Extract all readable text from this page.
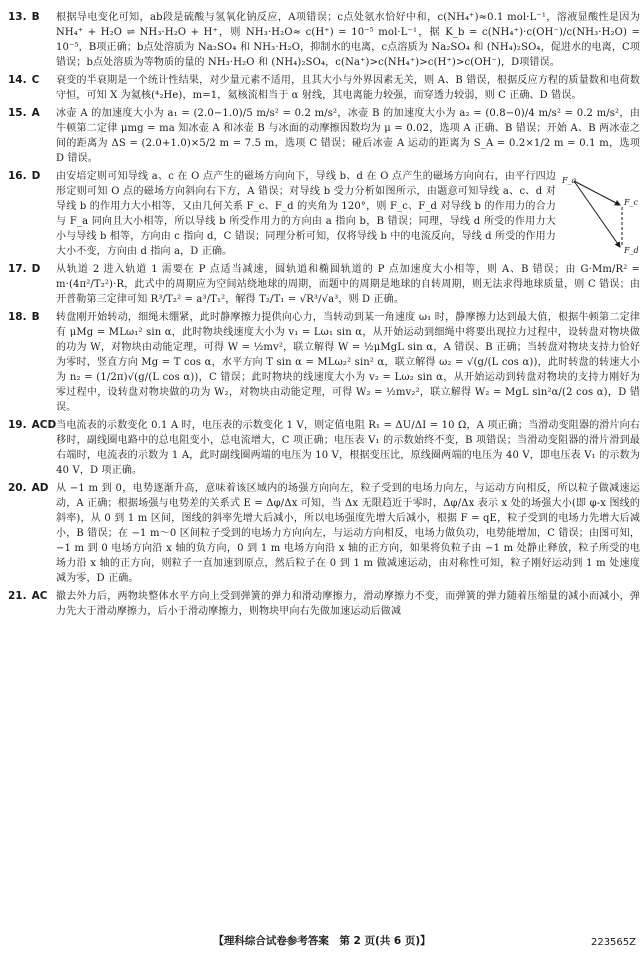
13. B	根据导电变化可知，ab段是硫酸与氢氧化钠反应，A项错误；c点处氨水恰好中和，c(NH₄⁺)≈0.1 mol·L⁻¹，溶液显酸性是因为 NH₄⁺ + H₂O ⇌ NH₃·H₂O + H⁺，则 NH₃·H₂O≈ c(H⁺) = 10⁻⁵ mol·L⁻¹，据 K_b = c(NH₄⁺)·c(OH⁻)/c(NH₃·H₂O) = 10⁻⁵，B项正确；b点处溶质为 Na₂SO₄ 和 NH₃·H₂O，抑制水的电离，c点溶质为 Na₂SO₄ 和 (NH₄)₂SO₄，促进水的电离，C项错误；b点处溶质为等物质的量的 NH₃·H₂O 和 (NH₄)₂SO₄，c(Na⁺)>c(NH₄⁺)>c(H⁺)>c(OH⁻)，D项错误。

14. C	衰变的半衰期是一个统计性结果，对少量元素不适用，且其大小与外界因素无关，则 A、B 错误，根据反应方程的质量数和电荷数守恒，可知 X 为氦核(⁴₂He)，m=1，氦核流相当于 α 射线，其电离能力较强，而穿透力较弱，则 C 正确、D 错误。

15. A	冰壶 A 的加速度大小为 a₁ = (2.0−1.0)/5 m/s² = 0.2 m/s²，冰壶 B 的加速度大小为 a₂ = (0.8−0)/4 m/s² = 0.2 m/s²，由牛顿第二定律 μmg = ma 知冰壶 A 和冰壶 B 与冰面的动摩擦因数均为 μ = 0.02，选项 A 正确、B 错误；开始 A、B 两冰壶之间的距离为 ΔS = (2.0+1.0)×5/2 m = 7.5 m，选项 C 错误；碰后冰壶 A 运动的距离为 S_A = 0.2×1/2 m = 0.1 m，选项 D 错误。

16. D	由安培定则可知导线 a、c 在 O 点产生的磁场方向向下，导线 b、d 在 O 点产生的磁场方向向右，由平行四边形定则可知 O 点的磁场方向斜向右下方，A 错误；对导线 b 受力分析如图所示，由题意可知导线 a、c、d 对导线 b 的作用力大小相等，又由几何关系 F_c、F_d 的夹角为 120°，则 F_c、F_d 对导线 b 的作用力的合力与 F_a 同向且大小相等，所以导线 b 所受作用力的方向由 a 指向 b，B 错误；同理，导线 d 所受的作用力大小与导线 b 相等，方向由 c 指向 d，C 错误；同理分析可知，仅将导线 b 中的电流反向，导线 d 所受的作用力大小不变，方向由 d 指向 a，D 正确。

F_a
F_c
F_d
17. D	从轨道 2 进入轨道 1 需要在 P 点适当减速，圆轨道和椭圆轨道的 P 点加速度大小相等，则 A、B 错误；由 G·Mm/R² = m·(4π²/T₂²)·R，此式中的周期应为空间站绕地球的周期，而题中的周期是地球的自转周期，则无法求得地球质量，则 C 错误；由开普勒第三定律可知 R³/T₂² = a³/T₁²，解得 T₂/T₁ = √R³/√a³，则 D 正确。

18. B	转盘刚开始转动，细绳未绷紧，此时静摩擦力提供向心力，当转动到某一角速度 ω₁ 时，静摩擦力达到最大值，根据牛顿第二定律有 μMg = MLω₁² sin α，此时物块线速度大小为 v₁ = Lω₁ sin α，从开始运动到细绳中将要出现拉力过程中，设转盘对物块做的功为 W，对物块由动能定理，可得 W = ½mv²，联立解得 W = ½μMgL sin α，A 错误、B 正确；当转盘对物块支持力恰好为零时，竖直方向 Mg = T cos α，水平方向 T sin α = MLω₂² sin² α，联立解得 ω₂ = √(g/(L cos α))，此时转盘的转速大小为 n₂ = (1/2π)√(g/(L cos α))，C 错误；此时物块的线速度大小为 v₂ = Lω₂ sin α，从开始运动到转盘对物块的支持力刚好为零过程中，设转盘对物块做的功为 W₂，对物块由动能定理，可得 W₂ = ½mv₂²，联立解得 W₂ = MgL sin²α/(2 cos α)，D 错误。

19. ACD 当电流表的示数变化 0.1 A 时，电压表的示数变化 1 V，则定值电阻 R₁ = ΔU/ΔI = 10 Ω，A 项正确；当滑动变阻器的滑片向右移时，副线圈电路中的总电阻变小，总电流增大，C 项正确；电压表 V₁ 的示数始终不变，B 项错误；当滑动变阻器的滑片滑到最右端时，电流表的示数为 1 A，此时副线圈两端的电压为 10 V，根据变压比，原线圈两端的电压为 40 V，即电压表 V₁ 的示数为 40 V，D 项正确。

20. AD 从 −1 m 到 0，电势逐渐升高，意味着该区域内的场强方向向左，粒子受到的电场力向左，与运动方向相反，所以粒子做减速运动，A 正确；根据场强与电势差的关系式 E = Δφ/Δx 可知，当 Δx 无限趋近于零时，Δφ/Δx 表示 x 处的场强大小(即 φ-x 图线的斜率)，从 0 到 1 m 区间，图线的斜率先增大后减小，所以电场强度先增大后减小，根据 F = qE，粒子受到的电场力先增大后减小，B 错误；在 −1 m～0 区间粒子受到的电场力方向向左，与运动方向相反，电场力做负功，电势能增加，C 错误；由图可知，−1 m 到 0 电场方向沿 x 轴的负方向，0 到 1 m 电场方向沿 x 轴的正方向，如果将负粒子由 −1 m 处静止释放，粒子所受的电场力沿 x 轴的正方向，则粒子一直加速到原点，然后粒子在 0 到 1 m 做减速运动，由对称性可知，粒子刚好运动到 1 m 处速度减为零，D 正确。

21. AC 撤去外力后，两物块整体水平方向上受到弹簧的弹力和滑动摩擦力，滑动摩擦力不变，而弹簧的弹力随着压缩量的减小而减小，弹力先大于滑动摩擦力，后小于滑动摩擦力，则物块甲向右先做加速运动后做减

【理科综合试卷参考答案　第 2 页(共 6 页)】	223565Z
